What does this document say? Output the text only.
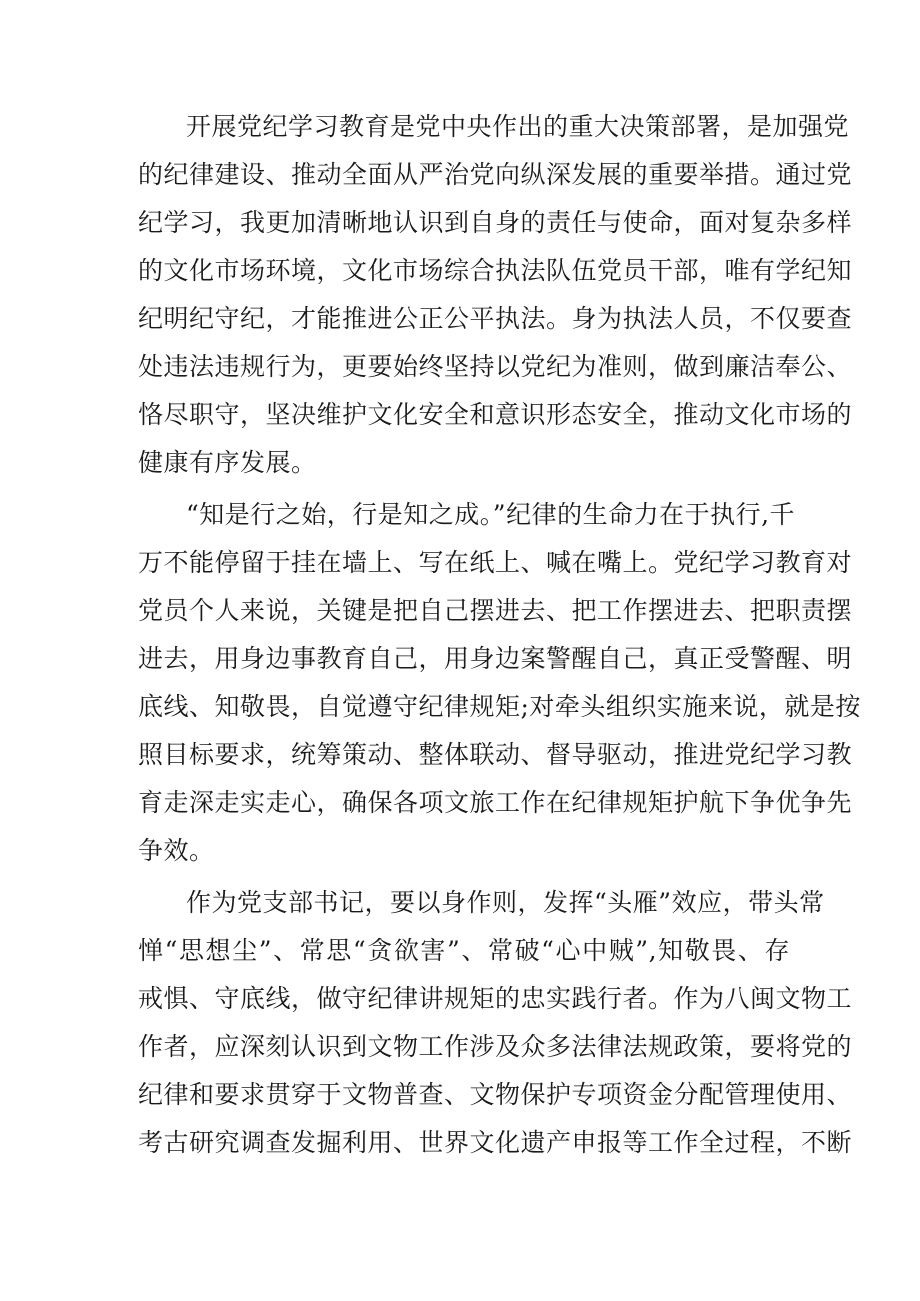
开展党纪学习教育是党中央作出的重大决策部署，是加强党
的纪律建设、推动全面从严治党向纵深发展的重要举措。通过党
纪学习，我更加清晰地认识到自身的责任与使命，面对复杂多样
的文化市场环境，文化市场综合执法队伍党员干部，唯有学纪知
纪明纪守纪，才能推进公正公平执法。身为执法人员，不仅要查
处违法违规行为，更要始终坚持以党纪为准则，做到廉洁奉公、
恪尽职守，坚决维护文化安全和意识形态安全，推动文化市场的
健康有序发展。
“知是行之始，行是知之成。”纪律的生命力在于执行,千
万不能停留于挂在墙上、写在纸上、喊在嘴上。党纪学习教育对
党员个人来说，关键是把自己摆进去、把工作摆进去、把职责摆
进去，用身边事教育自己，用身边案警醒自己，真正受警醒、明
底线、知敬畏，自觉遵守纪律规矩;对牵头组织实施来说，就是按
照目标要求，统筹策动、整体联动、督导驱动，推进党纪学习教
育走深走实走心，确保各项文旅工作在纪律规矩护航下争优争先
争效。
作为党支部书记，要以身作则，发挥“头雁”效应，带头常
惮“思想尘”、常思“贪欲害”、常破“心中贼”,知敬畏、存
戒惧、守底线，做守纪律讲规矩的忠实践行者。作为八闽文物工
作者，应深刻认识到文物工作涉及众多法律法规政策，要将党的
纪律和要求贯穿于文物普查、文物保护专项资金分配管理使用、
考古研究调查发掘利用、世界文化遗产申报等工作全过程，不断
